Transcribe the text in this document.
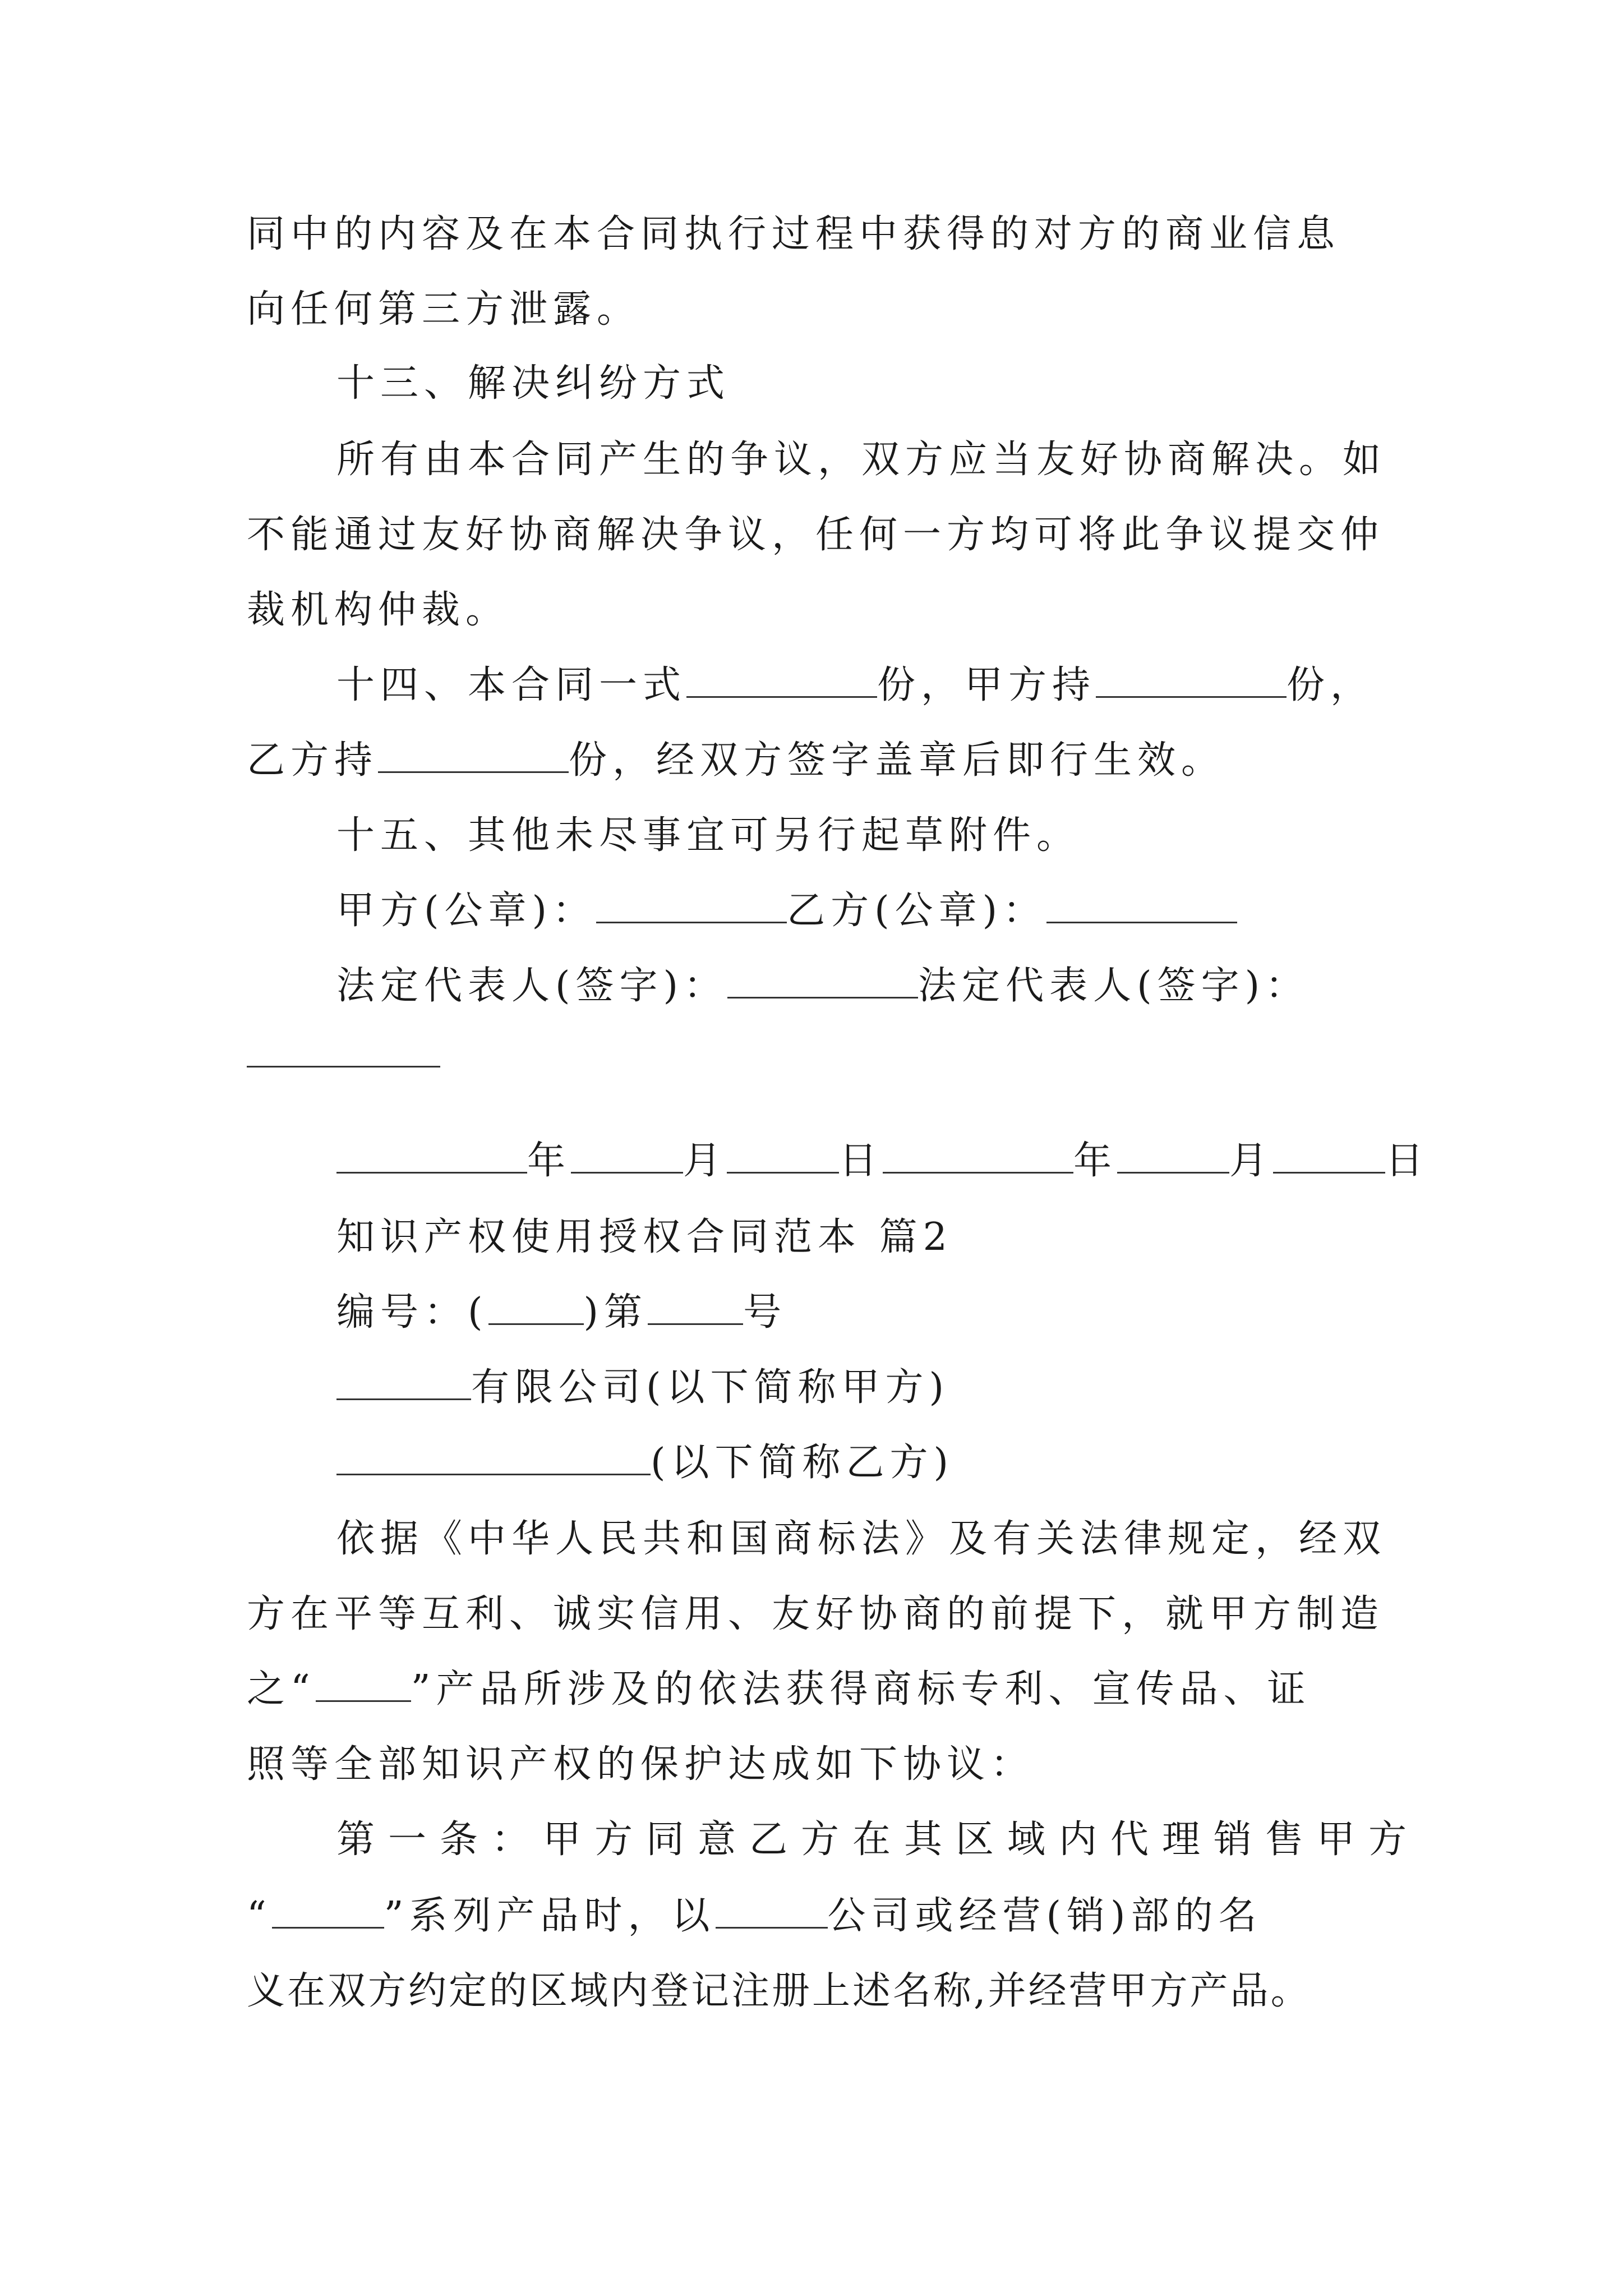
同中的内容及在本合同执行过程中获得的对方的商业信息
向任何第三方泄露。
十三、解决纠纷方式
所有由本合同产生的争议，双方应当友好协商解决。如
不能通过友好协商解决争议，任何一方均可将此争议提交仲
裁机构仲裁。
十四、本合同一式	份，甲方持	份，
乙方持	份，经双方签字盖章后即行生效。
十五、其他未尽事宜可另行起草附件。
甲方(公章)：	乙方(公章)：
法定代表人(签字)：	法定代表人(签字)：
年	月	日	年	月	日
知识产权使用授权合同范本 篇2
编号：(	)第	号
有限公司(以下简称甲方)
(以下简称乙方)
依据《中华人民共和国商标法》及有关法律规定，经双
方在平等互利、诚实信用、友好协商的前提下，就甲方制造
之“	”产品所涉及的依法获得商标专利、宣传品、证
照等全部知识产权的保护达成如下协议：
第一条：甲方同意乙方在其区域内代理销售甲方
“	”系列产品时，以	公司或经营(销)部的名
义在双方约定的区域内登记注册上述名称,并经营甲方产品。
